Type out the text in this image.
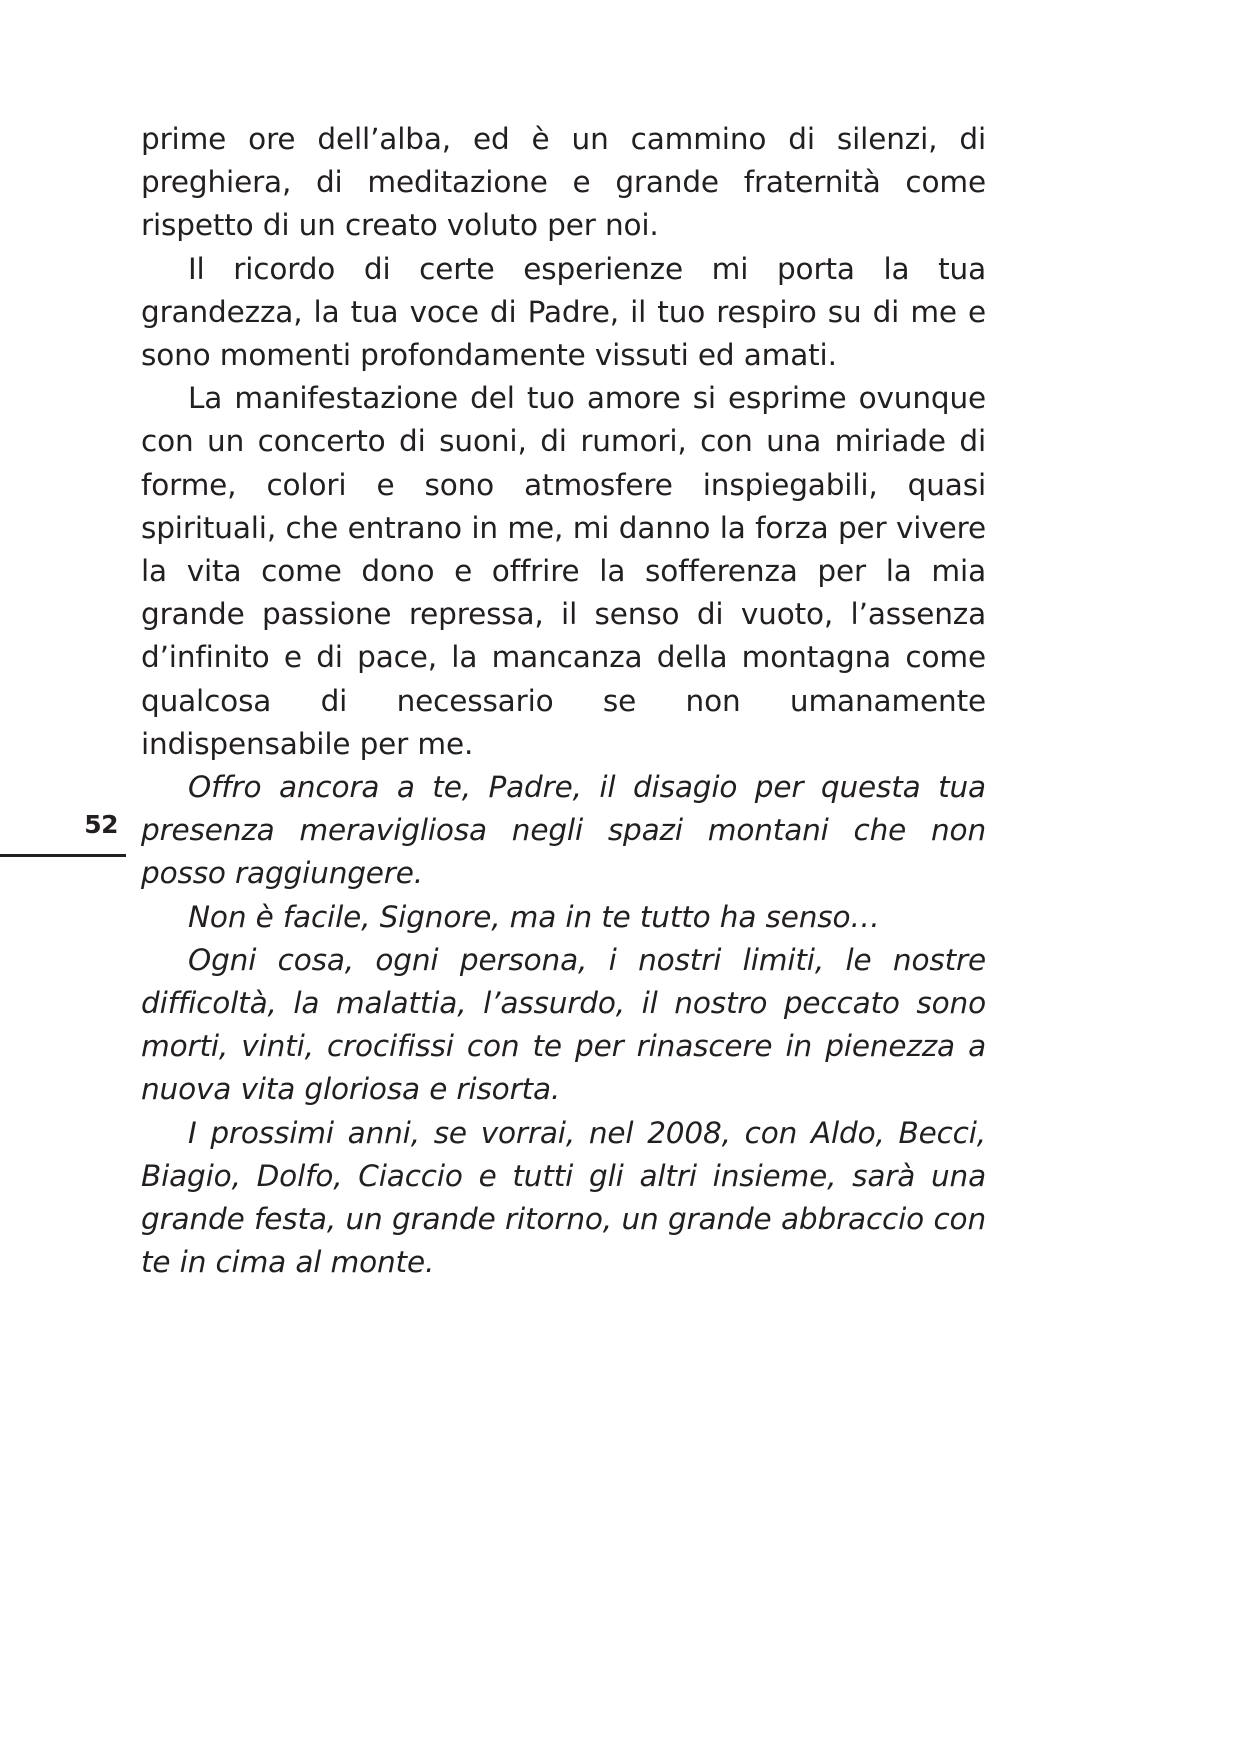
52

prime ore dell’alba, ed è un cammino di silenzi, di preghiera, di meditazione e grande fraternità come rispetto di un creato voluto per noi.

Il ricordo di certe esperienze mi porta la tua grandezza, la tua voce di Padre, il tuo respiro su di me e sono momenti profondamente vissuti ed amati.

La manifestazione del tuo amore si esprime ovunque con un concerto di suoni, di rumori, con una miriade di forme, colori e sono atmosfere inspiegabili, quasi spirituali, che entrano in me, mi danno la forza per vivere la vita come dono e offrire la sofferenza per la mia grande passione repressa, il senso di vuoto, l’assenza d’infinito e di pace, la mancanza della montagna come qualcosa di necessario se non umanamente indispensabile per me.

Offro ancora a te, Padre, il disagio per questa tua presenza meravigliosa negli spazi montani che non posso raggiungere.

Non è facile, Signore, ma in te tutto ha senso…

Ogni cosa, ogni persona, i nostri limiti, le nostre difficoltà, la malattia, l’assurdo, il nostro peccato sono morti, vinti, crocifissi con te per rinascere in pienezza a nuova vita gloriosa e risorta.

I prossimi anni, se vorrai, nel 2008, con Aldo, Becci, Biagio, Dolfo, Ciaccio e tutti gli altri insieme, sarà una grande festa, un grande ritorno, un grande abbraccio con te in cima al monte.
